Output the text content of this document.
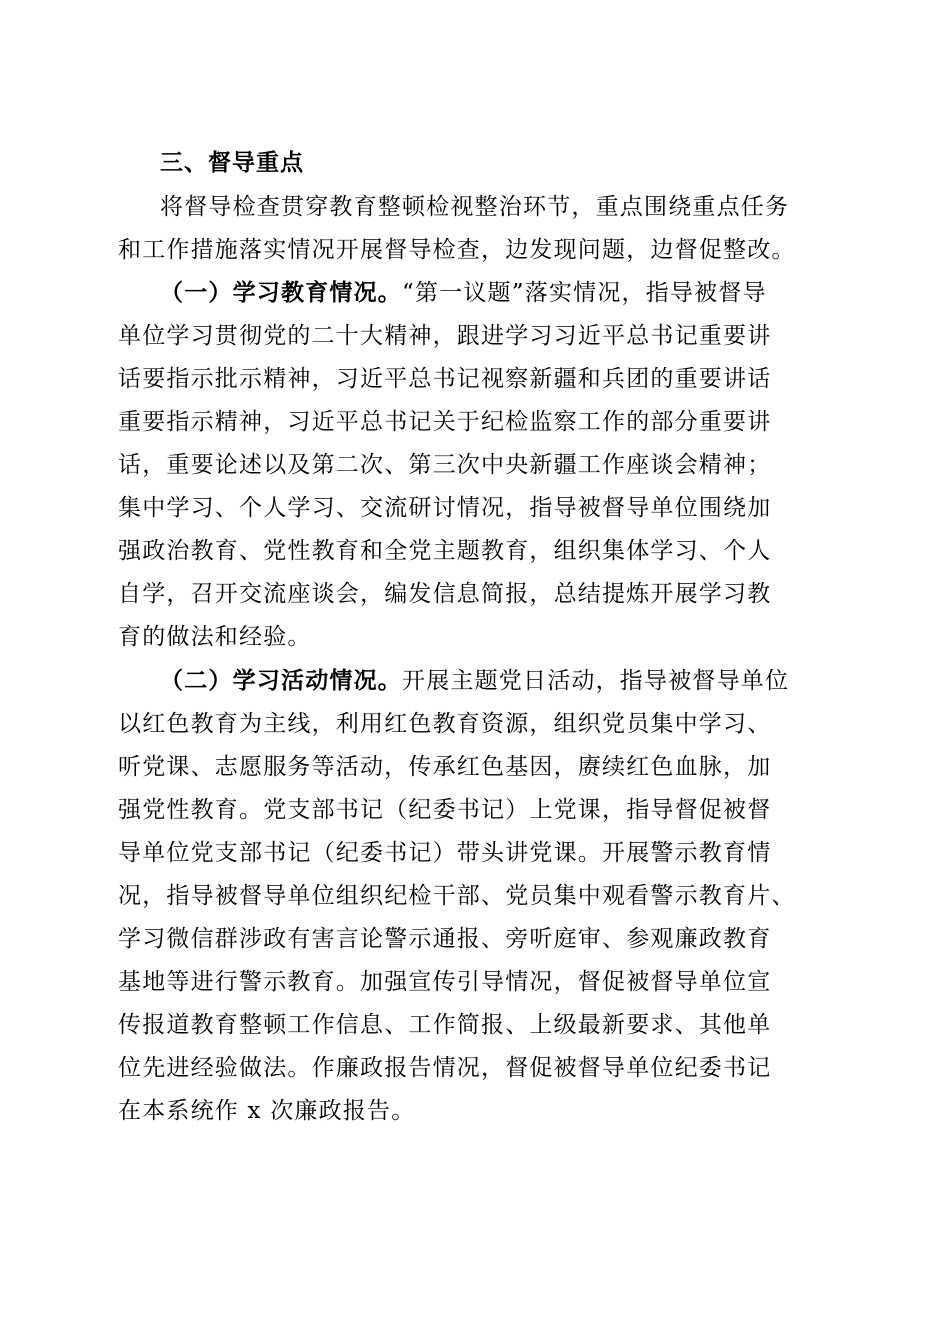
三、督导重点
将督导检查贯穿教育整顿检视整治环节，重点围绕重点任务
和工作措施落实情况开展督导检查，边发现问题，边督促整改。
（一）学习教育情况。“第一议题”落实情况，指导被督导
单位学习贯彻党的二十大精神，跟进学习习近平总书记重要讲
话要指示批示精神，习近平总书记视察新疆和兵团的重要讲话
重要指示精神，习近平总书记关于纪检监察工作的部分重要讲
话，重要论述以及第二次、第三次中央新疆工作座谈会精神；
集中学习、个人学习、交流研讨情况，指导被督导单位围绕加
强政治教育、党性教育和全党主题教育，组织集体学习、个人
自学，召开交流座谈会，编发信息简报，总结提炼开展学习教
育的做法和经验。
（二）学习活动情况。开展主题党日活动，指导被督导单位
以红色教育为主线，利用红色教育资源，组织党员集中学习、
听党课、志愿服务等活动，传承红色基因，赓续红色血脉，加
强党性教育。党支部书记（纪委书记）上党课，指导督促被督
导单位党支部书记（纪委书记）带头讲党课。开展警示教育情
况，指导被督导单位组织纪检干部、党员集中观看警示教育片、
学习微信群涉政有害言论警示通报、旁听庭审、参观廉政教育
基地等进行警示教育。加强宣传引导情况，督促被督导单位宣
传报道教育整顿工作信息、工作简报、上级最新要求、其他单
位先进经验做法。作廉政报告情况，督促被督导单位纪委书记
在本系统作 x 次廉政报告。
